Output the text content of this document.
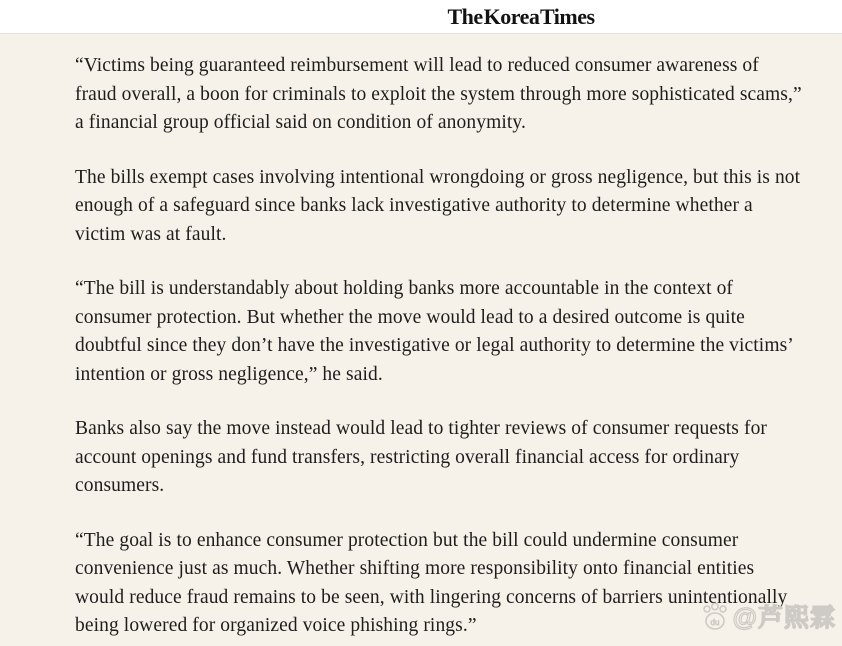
The Korea Times

“Victims being guaranteed reimbursement will lead to reduced consumer awareness of fraud overall, a boon for criminals to exploit the system through more sophisticated scams,” a financial group official said on condition of anonymity.

The bills exempt cases involving intentional wrongdoing or gross negligence, but this is not enough of a safeguard since banks lack investigative authority to determine whether a victim was at fault.

“The bill is understandably about holding banks more accountable in the context of consumer protection. But whether the move would lead to a desired outcome is quite doubtful since they don’t have the investigative or legal authority to determine the victims’ intention or gross negligence,” he said.

Banks also say the move instead would lead to tighter reviews of consumer requests for account openings and fund transfers, restricting overall financial access for ordinary consumers.

“The goal is to enhance consumer protection but the bill could undermine consumer convenience just as much. Whether shifting more responsibility onto financial entities would reduce fraud remains to be seen, with lingering concerns of barriers unintentionally being lowered for organized voice phishing rings.”	du @芦熙霖
